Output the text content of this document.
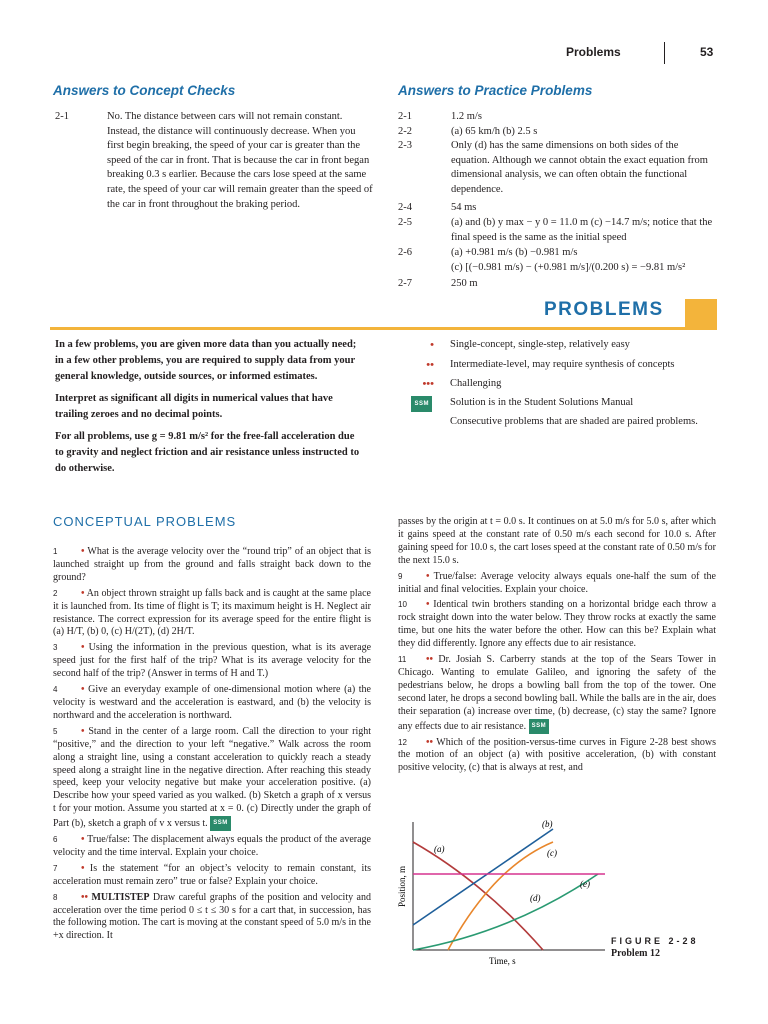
Problems	53
Answers to Concept Checks
2-1	No. The distance between cars will not remain constant. Instead, the distance will continuously decrease. When you first begin breaking, the speed of your car is greater than the speed of the car in front. That is because the car in front began breaking 0.3 s earlier. Because the cars lose speed at the same rate, the speed of your car will remain greater than the speed of the car in front throughout the braking period.
Answers to Practice Problems
2-1	1.2 m/s
2-2	(a) 65 km/h (b) 2.5 s
2-3	Only (d) has the same dimensions on both sides of the equation. Although we cannot obtain the exact equation from dimensional analysis, we can often obtain the functional dependence.
2-4	54 ms
2-5	(a) and (b) y max − y 0 = 11.0 m (c) −14.7 m/s; notice that the final speed is the same as the initial speed
2-6	(a) +0.981 m/s (b) −0.981 m/s
(c) [(−0.981 m/s) − (+0.981 m/s]/(0.200 s) = −9.81 m/s²
2-7	250 m
PROBLEMS

In a few problems, you are given more data than you actually need; in a few other problems, you are required to supply data from your general knowledge, outside sources, or informed estimates.

Interpret as significant all digits in numerical values that have trailing zeroes and no decimal points.

For all problems, use g = 9.81 m/s² for the free-fall acceleration due to gravity and neglect friction and air resistance unless instructed to do otherwise.

• Single-concept, single-step, relatively easy
•• Intermediate-level, may require synthesis of concepts
••• Challenging
SSM Solution is in the Student Solutions Manual
Consecutive problems that are shaded are paired problems.
CONCEPTUAL PROBLEMS

1 • What is the average velocity over the “round trip” of an object that is launched straight up from the ground and falls straight back down to the ground?

2 • An object thrown straight up falls back and is caught at the same place it is launched from. Its time of flight is T; its maximum height is H. Neglect air resistance. The correct expression for its average speed for the entire flight is (a) H/T, (b) 0, (c) H/(2T), (d) 2H/T.

3 • Using the information in the previous question, what is its average speed just for the first half of the trip? What is its average velocity for the second half of the trip? (Answer in terms of H and T.)

4 • Give an everyday example of one-dimensional motion where (a) the velocity is westward and the acceleration is eastward, and (b) the velocity is northward and the acceleration is northward.

5 • Stand in the center of a large room. Call the direction to your right “positive,” and the direction to your left “negative.” Walk across the room along a straight line, using a constant acceleration to quickly reach a steady speed along a straight line in the negative direction. After reaching this steady speed, keep your velocity negative but make your acceleration positive. (a) Describe how your speed varied as you walked. (b) Sketch a graph of x versus t for your motion. Assume you started at x = 0. (c) Directly under the graph of Part (b), sketch a graph of v x versus t. SSM

6 • True/false: The displacement always equals the product of the average velocity and the time interval. Explain your choice.

7 • Is the statement “for an object’s velocity to remain constant, its acceleration must remain zero” true or false? Explain your choice.

8 •• MULTISTEP Draw careful graphs of the position and velocity and acceleration over the time period 0 ≤ t ≤ 30 s for a cart that, in succession, has the following motion. The cart is moving at the constant speed of 5.0 m/s in the +x direction. It

passes by the origin at t = 0.0 s. It continues on at 5.0 m/s for 5.0 s, after which it gains speed at the constant rate of 0.50 m/s each second for 10.0 s. After gaining speed for 10.0 s, the cart loses speed at the constant rate of 0.50 m/s for the next 15.0 s.

9 • True/false: Average velocity always equals one-half the sum of the initial and final velocities. Explain your choice.

10 • Identical twin brothers standing on a horizontal bridge each throw a rock straight down into the water below. They throw rocks at exactly the same time, but one hits the water before the other. How can this be? Explain what they did differently. Ignore any effects due to air resistance.

11 •• Dr. Josiah S. Carberry stands at the top of the Sears Tower in Chicago. Wanting to emulate Galileo, and ignoring the safety of the pedestrians below, he drops a bowling ball from the top of the tower. One second later, he drops a second bowling ball. While the balls are in the air, does their separation (a) increase over time, (b) decrease, (c) stay the same? Ignore any effects due to air resistance. SSM

12 •• Which of the position-versus-time curves in Figure 2-28 best shows the motion of an object (a) with positive acceleration, (b) with constant positive velocity, (c) that is always at rest, and

(a)
(b)
(c)
(d)
(e)
Position, m
Time, s
FIGURE 2-28
Problem 12
